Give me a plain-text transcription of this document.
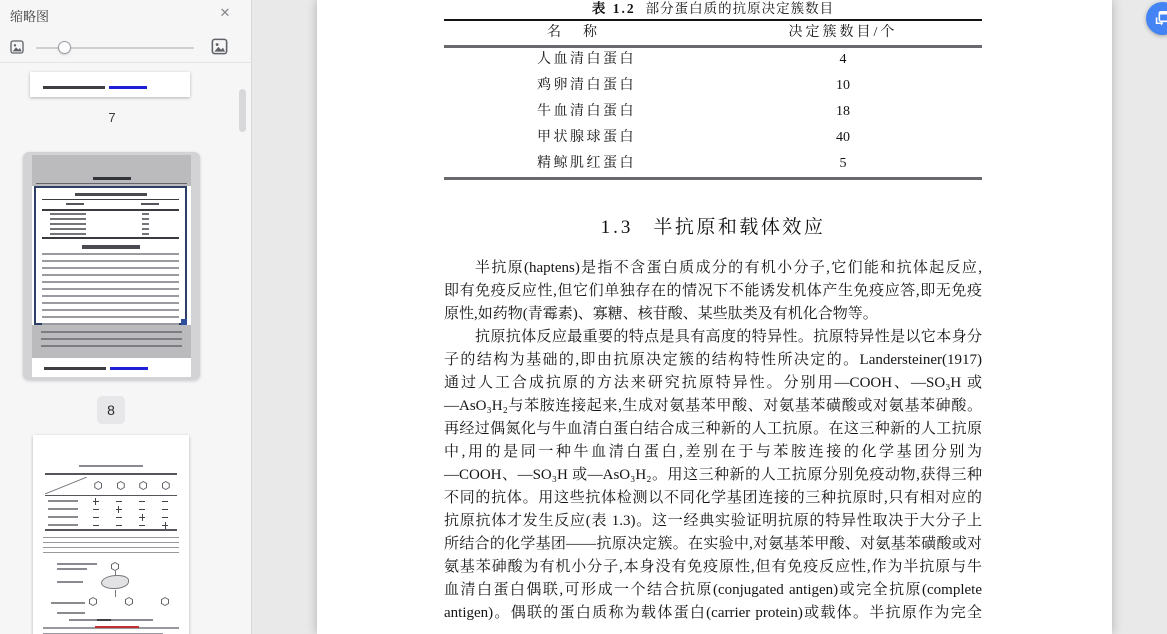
缩略图	✕
7
8
表 1.2 部分蛋白质的抗原决定簇数目
名　称	决定簇数目/个
人血清白蛋白	4
鸡卵清白蛋白	10
牛血清白蛋白	18
甲状腺球蛋白	40
精鲸肌红蛋白	5
1.3 半抗原和载体效应
半抗原(haptens)是指不含蛋白质成分的有机小分子,它们能和抗体起反应,
即有免疫反应性,但它们单独存在的情况下不能诱发机体产生免疫应答,即无免疫
原性,如药物(青霉素)、寡糖、核苷酸、某些肽类及有机化合物等。
抗原抗体反应最重要的特点是具有高度的特异性。抗原特异性是以它本身分
子的结构为基础的,即由抗原决定簇的结构特性所决定的。Landersteiner(1917)
通过人工合成抗原的方法来研究抗原特异性。分别用—COOH、—SO₃H 或
—AsO₃H₂与苯胺连接起来,生成对氨基苯甲酸、对氨基苯磺酸或对氨基苯砷酸。
再经过偶氮化与牛血清白蛋白结合成三种新的人工抗原。在这三种新的人工抗原
中,用的是同一种牛血清白蛋白,差别在于与苯胺连接的化学基团分别为
—COOH、—SO₃H 或—AsO₃H₂。用这三种新的人工抗原分别免疫动物,获得三种
不同的抗体。用这些抗体检测以不同化学基团连接的三种抗原时,只有相对应的
抗原抗体才发生反应(表 1.3)。这一经典实验证明抗原的特异性取决于大分子上
所结合的化学基团——抗原决定簇。在实验中,对氨基苯甲酸、对氨基苯磺酸或对
氨基苯砷酸为有机小分子,本身没有免疫原性,但有免疫反应性,作为半抗原与牛
血清白蛋白偶联,可形成一个结合抗原(conjugated antigen)或完全抗原(complete
antigen)。偶联的蛋白质称为载体蛋白(carrier protein)或载体。半抗原作为完全
